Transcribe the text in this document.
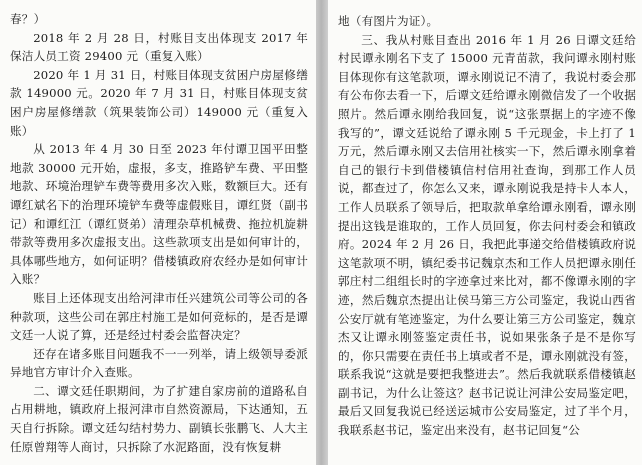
春？）

2018 年 2 月 28 日，村账目支出体现支 2017 年保洁人员工资 29400 元（重复入账）

2020 年 1 月 31 日，村账目体现支贫困户房屋修缮款 149000 元。2020 年 7 月 31 日，村账目体现支贫困户房屋修缮款（筑果装饰公司）149000 元（重复入账）

从 2013 年 4 月 30 日至 2023 年付谭卫国平田整地款 30000 元开始，虚报，多支，推路铲车费、平田整地款、环境治理铲车费等费用多次入账，数额巨大。还有谭红斌名下的治理环境铲车费等虚假账目，谭红贤（副书记）和谭红江（谭红贤弟）清理杂草机械费、拖拉机旋耕带款等费用多次虚报支出。这些款项支出是如何审计的，具体哪些地方，如何证明？借楼镇政府农经办是如何审计入账？

账目上还体现支出给河津市任兴建筑公司等公司的各种款项，这些公司在郭庄村施工是如何竞标的，是否是谭文廷一人说了算，还是经过村委会监督决定？

还存在诸多账目问题我不一一列举，请上级领导委派异地官方审计介入查账。

二、谭文廷任职期间，为了扩建自家房前的道路私自占用耕地，镇政府上报河津市自然资源局，下达通知，五天自行拆除。谭文廷勾结村势力、副镇长张鹏飞、人大主任原曾翔等人商讨，只拆除了水泥路面，没有恢复耕

地（有图片为证）。

三、我从村账目查出 2016 年 1 月 26 日谭文廷给村民谭永刚名下支了 15000 元青苗款，我问谭永刚村账目体现你有这笔款项，谭永刚说记不清了，我说村委会那有公布你去看一下，后谭文廷给谭永刚微信发了一个收据照片。然后谭永刚给我回复，说“这张票据上的字迹不像我写的”，谭文廷说给了谭永刚 5 千元现金，卡上打了 1 万元，然后谭永刚又去信用社核实一下，然后谭永刚拿着自己的银行卡到借楼镇信村信用社查询，到那工作人员说，都查过了，你怎么又来，谭永刚说我是持卡人本人，工作人员联系了领导后，把取款单拿给谭永刚看，谭永刚提出这钱是谁取的，工作人员回复，你去问村委会和镇政府。2024 年 2 月 26 日，我把此事递交给借楼镇政府说这笔款项不明，镇纪委书记魏京杰和工作人员把谭永刚任郭庄村二组组长时的字迹拿过来比对，都不像谭永刚的字迹，然后魏京杰提出让侯马第三方公司鉴定，我说山西省公安厅就有笔迹鉴定，为什么要让第三方公司鉴定，魏京杰又让谭永刚签鉴定责任书，说如果张条子是不是你写的，你只需要在责任书上填或者不是，谭永刚就没有签，联系我说“这就是要把我整进去”。然后我就联系借楼镇赵副书记，为什么让签这？赵书记说让河津公安局鉴定吧，最后又回复我说已经送运城市公安局鉴定，过了半个月，我联系赵书记，鉴定出来没有，赵书记回复“公
